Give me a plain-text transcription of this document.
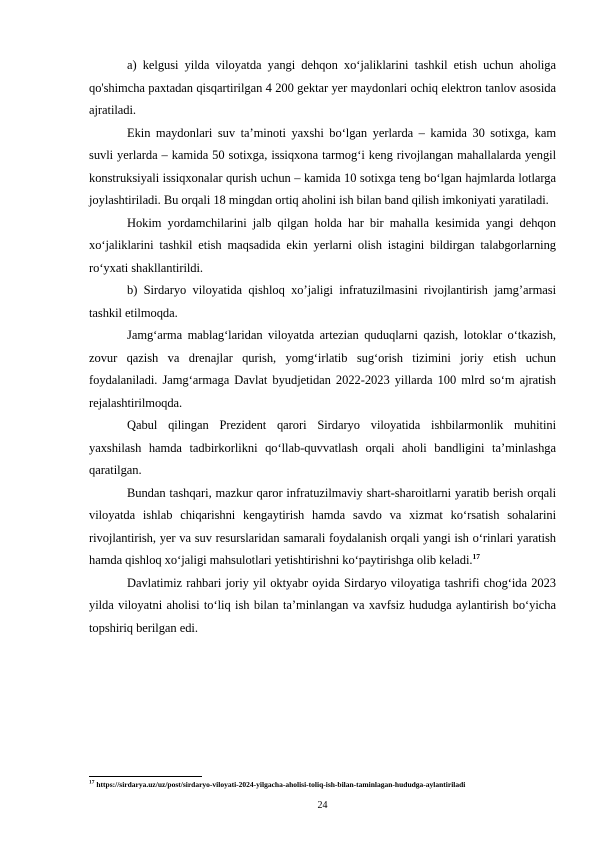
a) kelgusi yilda viloyatda yangi dehqon xo‘jaliklarini tashkil etish uchun aholiga qo'shimcha paxtadan qisqartirilgan 4 200 gektar yer maydonlari ochiq elektron tanlov asosida ajratiladi.

Ekin maydonlari suv ta’minoti yaxshi bo‘lgan yerlarda – kamida 30 sotixga, kam suvli yerlarda – kamida 50 sotixga, issiqxona tarmog‘i keng rivojlangan mahallalarda yengil konstruksiyali issiqxonalar qurish uchun – kamida 10 sotixga teng bo‘lgan hajmlarda lotlarga joylashtiriladi. Bu orqali 18 mingdan ortiq aholini ish bilan band qilish imkoniyati yaratiladi.

Hokim yordamchilarini jalb qilgan holda har bir mahalla kesimida yangi dehqon xo‘jaliklarini tashkil etish maqsadida ekin yerlarni olish istagini bildirgan talabgorlarning ro‘yxati shakllantirildi.

b) Sirdaryo viloyatida qishloq xo’jaligi infratuzilmasini rivojlantirish jamg’armasi tashkil etilmoqda.

Jamg‘arma mablag‘laridan viloyatda artezian quduqlarni qazish, lotoklar o‘tkazish, zovur qazish va drenajlar qurish, yomg‘irlatib sug‘orish tizimini joriy etish uchun foydalaniladi. Jamg‘armaga Davlat byudjetidan 2022-2023 yillarda 100 mlrd so‘m ajratish rejalashtirilmoqda.

Qabul qilingan Prezident qarori Sirdaryo viloyatida ishbilarmonlik muhitini yaxshilash hamda tadbirkorlikni qo‘llab-quvvatlash orqali aholi bandligini ta’minlashga qaratilgan.

Bundan tashqari, mazkur qaror infratuzilmaviy shart-sharoitlarni yaratib berish orqali viloyatda ishlab chiqarishni kengaytirish hamda savdo va xizmat ko‘rsatish sohalarini rivojlantirish, yer va suv resurslaridan samarali foydalanish orqali yangi ish o‘rinlari yaratish hamda qishloq xo‘jaligi mahsulotlari yetishtirishni ko‘paytirishga olib keladi.$^{17}$

Davlatimiz rahbari joriy yil oktyabr oyida Sirdaryo viloyatiga tashrifi chog‘ida 2023 yilda viloyatni aholisi to‘liq ish bilan ta’minlangan va xavfsiz hududga aylantirish bo‘yicha topshiriq berilgan edi.

$^{17}$ https://sirdarya.uz/uz/post/sirdaryo-viloyati-2024-yilgacha-aholisi-toliq-ish-bilan-taminlagan-hududga-aylantiriladi

24
